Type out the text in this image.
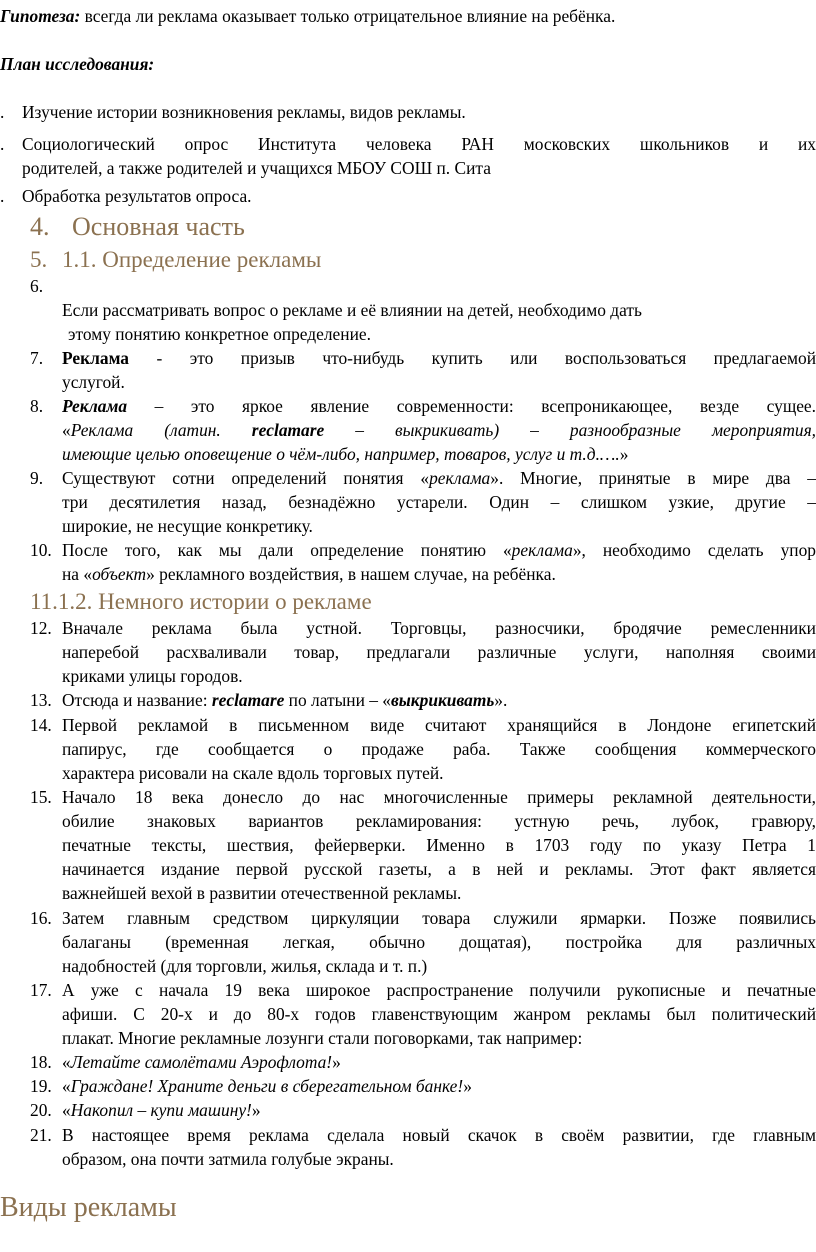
Гипотеза: всегда ли реклама оказывает только отрицательное влияние на ребёнка.
План исследования:
. Изучение истории возникновения рекламы, видов рекламы.
. Социологический опрос Института человека РАН московских школьников и их
родителей, а также родителей и учащихся МБОУ СОШ п. Сита
. Обработка результатов опроса.
4. Основная часть
5. 1.1. Определение рекламы
6.
Если рассматривать вопрос о рекламе и её влиянии на детей, необходимо дать
этому понятию конкретное определение.
7. Реклама - это призыв что-нибудь купить или воспользоваться предлагаемой
услугой.
8. Реклама – это яркое явление современности: всепроникающее, везде сущее.
«Реклама (латин. reclamare – выкрикивать) – разнообразные мероприятия,
имеющие целью оповещение о чём-либо, например, товаров, услуг и т.д.….»
9. Существуют сотни определений понятия «реклама». Многие, принятые в мире два –
три десятилетия назад, безнадёжно устарели. Один – слишком узкие, другие –
широкие, не несущие конкретику.
10. После того, как мы дали определение понятию «реклама», необходимо сделать упор
на «объект» рекламного воздействия, в нашем случае, на ребёнка.
11.1.2. Немного истории о рекламе
12. Вначале реклама была устной. Торговцы, разносчики, бродячие ремесленники
наперебой расхваливали товар, предлагали различные услуги, наполняя своими
криками улицы городов.
13. Отсюда и название: reclamare по латыни – «выкрикивать».
14. Первой рекламой в письменном виде считают хранящийся в Лондоне египетский
папирус, где сообщается о продаже раба. Также сообщения коммерческого
характера рисовали на скале вдоль торговых путей.
15. Начало 18 века донесло до нас многочисленные примеры рекламной деятельности,
обилие знаковых вариантов рекламирования: устную речь, лубок, гравюру,
печатные тексты, шествия, фейерверки. Именно в 1703 году по указу Петра 1
начинается издание первой русской газеты, а в ней и рекламы. Этот факт является
важнейшей вехой в развитии отечественной рекламы.
16. Затем главным средством циркуляции товара служили ярмарки. Позже появились
балаганы (временная легкая, обычно дощатая), постройка для различных
надобностей (для торговли, жилья, склада и т. п.)
17. А уже с начала 19 века широкое распространение получили рукописные и печатные
афиши. С 20-х и до 80-х годов главенствующим жанром рекламы был политический
плакат. Многие рекламные лозунги стали поговорками, так например:
18. «Летайте самолётами Аэрофлота!»
19. «Граждане! Храните деньги в сберегательном банке!»
20. «Накопил – купи машину!»
21. В настоящее время реклама сделала новый скачок в своём развитии, где главным
образом, она почти затмила голубые экраны.
Виды рекламы
